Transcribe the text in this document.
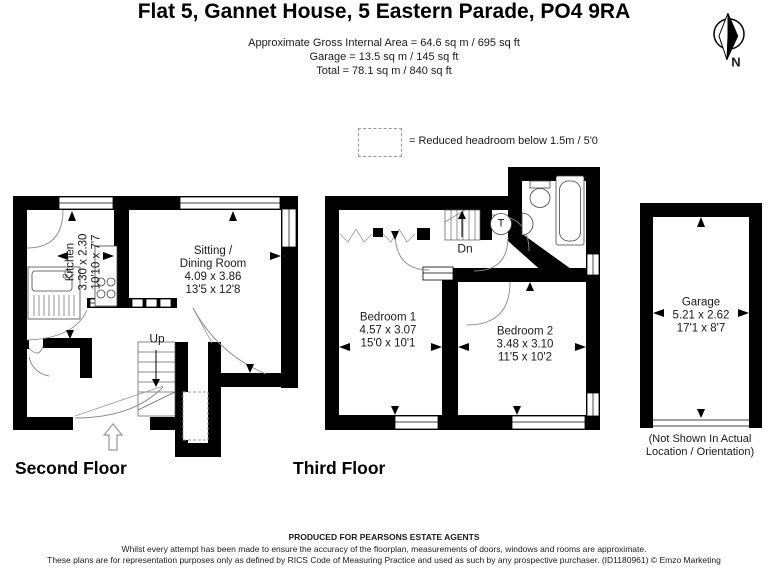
Flat 5, Gannet House, 5 Eastern Parade, PO4 9RA
Approximate Gross Internal Area = 64.6 sq m / 695 sq ft
Garage = 13.5 sq m / 145 sq ft
Total = 78.1 sq m / 840 sq ft
N
= Reduced headroom below 1.5m / 5'0
Kitchen 3.30 x 2.30 10'10 x 7'7	Sitting /
Dining Room
4.09 x 3.86
13'5 x 12'8
Up
Bedroom 1
4.57 x 3.07
15'0 x 10'1
Bedroom 2
3.48 x 3.10
11'5 x 10'2
Dn
T
Garage
5.21 x 2.62
17'1 x 8'7
(Not Shown In Actual
Location / Orientation)
Second Floor	Third Floor
PRODUCED FOR PEARSONS ESTATE AGENTS
Whilst every attempt has been made to ensure the accuracy of the floorplan, measurements of doors, windows and rooms are approximate.
These plans are for representation purposes only as defined by RICS Code of Measuring Practice and used as such by any prospective purchaser. (ID1180961) © Emzo Marketing
